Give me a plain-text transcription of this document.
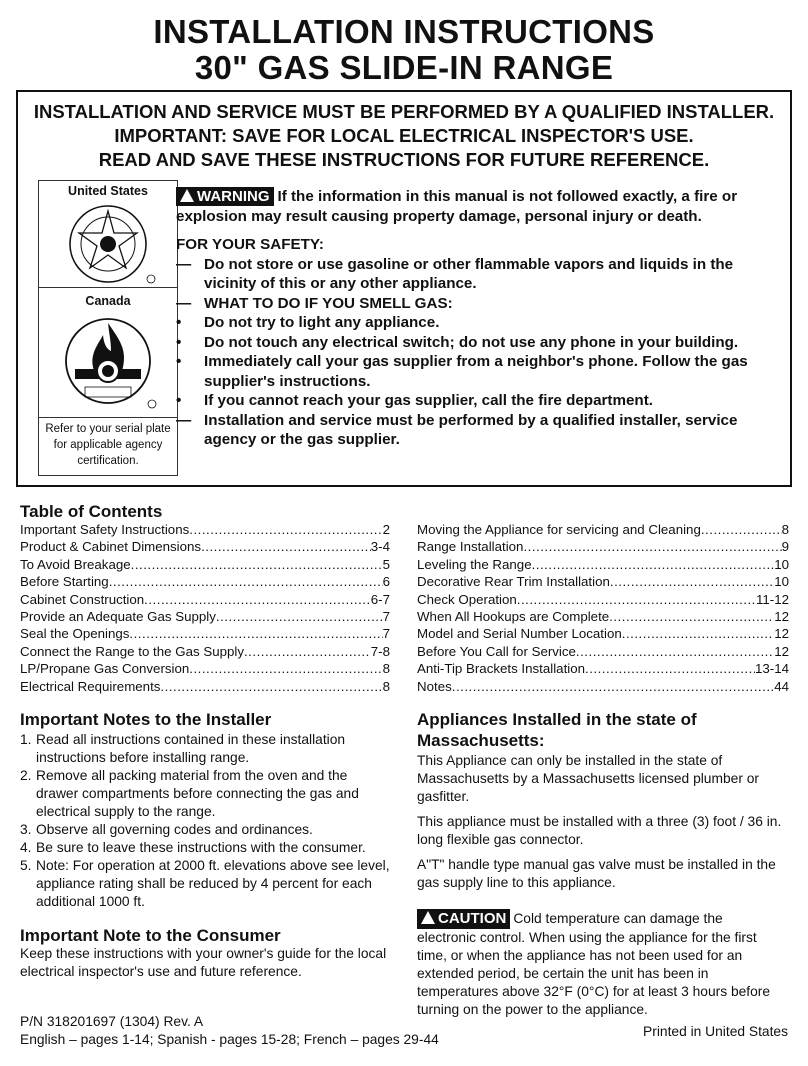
INSTALLATION INSTRUCTIONS
30" GAS SLIDE-IN RANGE
INSTALLATION AND SERVICE MUST BE PERFORMED BY A QUALIFIED INSTALLER.
IMPORTANT: SAVE FOR LOCAL ELECTRICAL INSPECTOR'S USE.
READ AND SAVE THESE INSTRUCTIONS FOR FUTURE REFERENCE.
United States
Canada
Refer to your serial plate for applicable agency certification.
WARNING If the information in this manual is not followed exactly, a fire or explosion may result causing property damage, personal injury or death.
FOR YOUR SAFETY:
— Do not store or use gasoline or other flammable vapors and liquids in the vicinity of this or any other appliance.
— WHAT TO DO IF YOU SMELL GAS:
• Do not try to light any appliance.
• Do not touch any electrical switch; do not use any phone in your building.
• Immediately call your gas supplier from a neighbor's phone. Follow the gas supplier's instructions.
• If you cannot reach your gas supplier, call the fire department.
— Installation and service must be performed by a qualified installer, service agency or the gas supplier.
Table of Contents
Important Safety Instructions .....	2
Product & Cabinet Dimensions .....	3-4
To Avoid Breakage .....	5
Before Starting .....	6
Cabinet Construction .....	6-7
Provide an Adequate Gas Supply .....	7
Seal the Openings .....	7
Connect the Range to the Gas Supply .....	7-8
LP/Propane Gas Conversion .....	8
Electrical Requirements .....	8
Moving the Appliance for servicing and Cleaning .....	8
Range Installation .....	9
Leveling the Range .....	10
Decorative Rear Trim Installation .....	10
Check Operation .....	11-12
When All Hookups are Complete .....	12
Model and Serial Number Location .....	12
Before You Call for Service .....	12
Anti-Tip Brackets Installation .....	13-14
Notes .....	44
Important Notes to the Installer
1. Read all instructions contained in these installation instructions before installing range.
2. Remove all packing material from the oven and the drawer compartments before connecting the gas and electrical supply to the range.
3. Observe all governing codes and ordinances.
4. Be sure to leave these instructions with the consumer.
5. Note: For operation at 2000 ft. elevations above see level, appliance rating shall be reduced by 4 percent for each additional 1000 ft.
Important Note to the Consumer
Keep these instructions with your owner's guide for the local electrical inspector's use and future reference.
Appliances Installed in the state of Massachusetts:
This Appliance can only be installed in the state of Massachusetts by a Massachusetts licensed plumber or gasfitter.
This appliance must be installed with a three (3) foot / 36 in. long flexible gas connector.
A"T" handle type manual gas valve must be installed in the gas supply line to this appliance.
CAUTION Cold temperature can damage the electronic control. When using the appliance for the first time, or when the appliance has not been used for an extended period, be certain the unit has been in temperatures above 32°F (0°C) for at least 3 hours before turning on the power to the appliance.
P/N 318201697 (1304) Rev. A
English – pages 1-14; Spanish - pages 15-28; French – pages 29-44
Printed in United States
